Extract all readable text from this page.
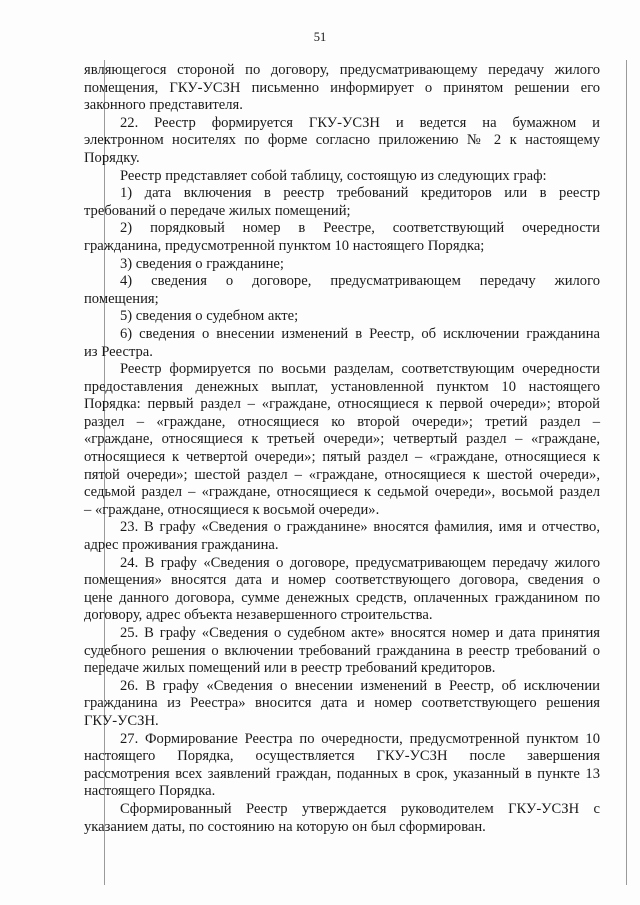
51
являющегося стороной по договору, предусматривающему передачу жилого
помещения, ГКУ-УСЗН письменно информирует о принятом решении его
законного представителя.
22. Реестр формируется ГКУ-УСЗН и ведется на бумажном и
электронном носителях по форме согласно приложению № 2 к настоящему
Порядку.
Реестр представляет собой таблицу, состоящую из следующих граф:
1) дата включения в реестр требований кредиторов или в реестр
требований о передаче жилых помещений;
2) порядковый номер в Реестре, соответствующий очередности
гражданина, предусмотренной пунктом 10 настоящего Порядка;
3) сведения о гражданине;
4) сведения о договоре, предусматривающем передачу жилого
помещения;
5) сведения о судебном акте;
6) сведения о внесении изменений в Реестр, об исключении гражданина
из Реестра.
Реестр формируется по восьми разделам, соответствующим очередности
предоставления денежных выплат, установленной пунктом 10 настоящего
Порядка: первый раздел – «граждане, относящиеся к первой очереди»; второй
раздел – «граждане, относящиеся ко второй очереди»; третий раздел –
«граждане, относящиеся к третьей очереди»; четвертый раздел – «граждане,
относящиеся к четвертой очереди»; пятый раздел – «граждане, относящиеся к
пятой очереди»; шестой раздел – «граждане, относящиеся к шестой очереди»,
седьмой раздел – «граждане, относящиеся к седьмой очереди», восьмой раздел
– «граждане, относящиеся к восьмой очереди».
23. В графу «Сведения о гражданине» вносятся фамилия, имя и отчество,
адрес проживания гражданина.
24. В графу «Сведения о договоре, предусматривающем передачу жилого
помещения» вносятся дата и номер соответствующего договора, сведения о
цене данного договора, сумме денежных средств, оплаченных гражданином по
договору, адрес объекта незавершенного строительства.
25. В графу «Сведения о судебном акте» вносятся номер и дата принятия
судебного решения о включении требований гражданина в реестр требований о
передаче жилых помещений или в реестр требований кредиторов.
26. В графу «Сведения о внесении изменений в Реестр, об исключении
гражданина из Реестра» вносится дата и номер соответствующего решения
ГКУ-УСЗН.
27. Формирование Реестра по очередности, предусмотренной пунктом 10
настоящего Порядка, осуществляется ГКУ-УСЗН после завершения
рассмотрения всех заявлений граждан, поданных в срок, указанный в пункте 13
настоящего Порядка.
Сформированный Реестр утверждается руководителем ГКУ-УСЗН с
указанием даты, по состоянию на которую он был сформирован.
